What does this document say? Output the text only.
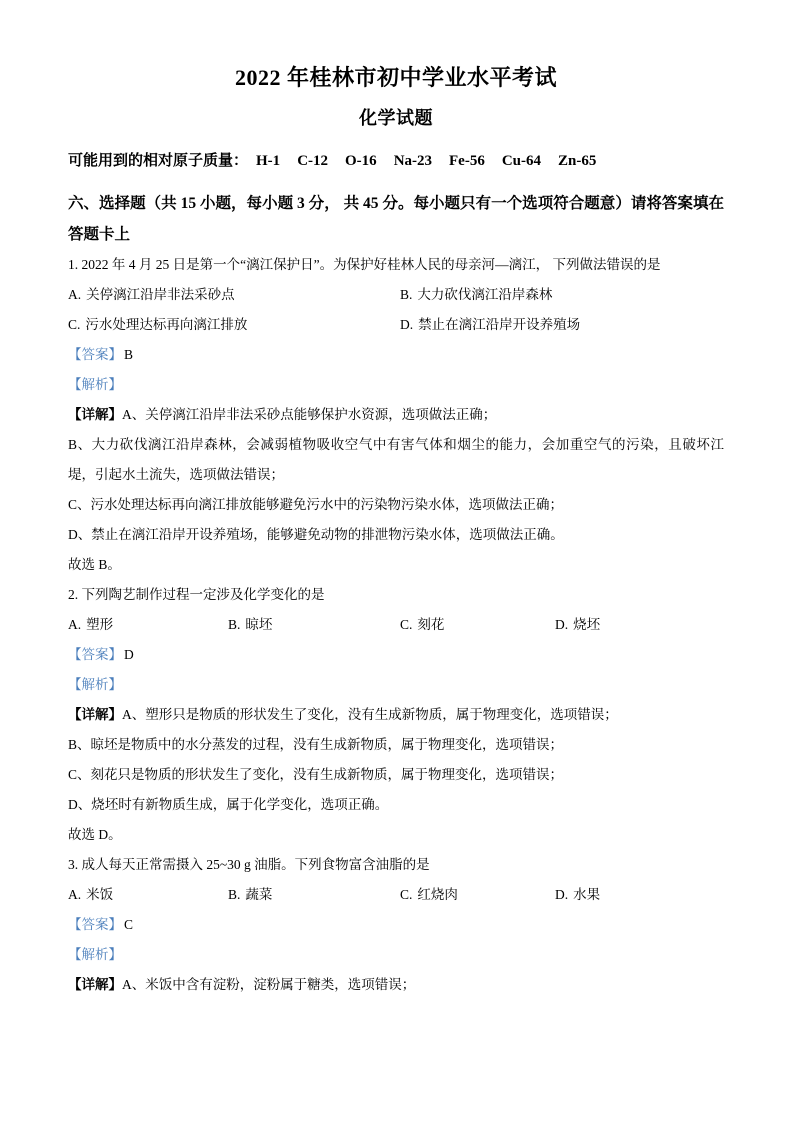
2022 年桂林市初中学业水平考试
化学试题
可能用到的相对原子质量： H-1 C-12 O-16 Na-23 Fe-56 Cu-64 Zn-65
六、选择题（共 15 小题，每小题 3 分， 共 45 分。每小题只有一个选项符合题意）请将答案填在答题卡上
1. 2022 年 4 月 25 日是第一个“漓江保护日”。为保护好桂林人民的母亲河—漓江， 下列做法错误的是
A. 关停漓江沿岸非法采砂点	B. 大力砍伐漓江沿岸森林
C. 污水处理达标再向漓江排放	D. 禁止在漓江沿岸开设养殖场
【答案】 B
【解析】
【详解】A、关停漓江沿岸非法采砂点能够保护水资源，选项做法正确；
B、大力砍伐漓江沿岸森林，会减弱植物吸收空气中有害气体和烟尘的能力，会加重空气的污染，且破坏江堤，引起水土流失，选项做法错误；
C、污水处理达标再向漓江排放能够避免污水中的污染物污染水体，选项做法正确；
D、禁止在漓江沿岸开设养殖场，能够避免动物的排泄物污染水体，选项做法正确。
故选 B。
2. 下列陶艺制作过程一定涉及化学变化的是
A. 塑形	B. 晾坯	C. 刻花	D. 烧坯
【答案】 D
【解析】
【详解】A、塑形只是物质的形状发生了变化，没有生成新物质，属于物理变化，选项错误；
B、晾坯是物质中的水分蒸发的过程，没有生成新物质，属于物理变化，选项错误；
C、刻花只是物质的形状发生了变化，没有生成新物质，属于物理变化，选项错误；
D、烧坯时有新物质生成，属于化学变化，选项正确。
故选 D。
3. 成人每天正常需摄入 25~30 g 油脂。下列食物富含油脂的是
A. 米饭	B. 蔬菜	C. 红烧肉	D. 水果
【答案】 C
【解析】
【详解】A、米饭中含有淀粉，淀粉属于糖类，选项错误；
